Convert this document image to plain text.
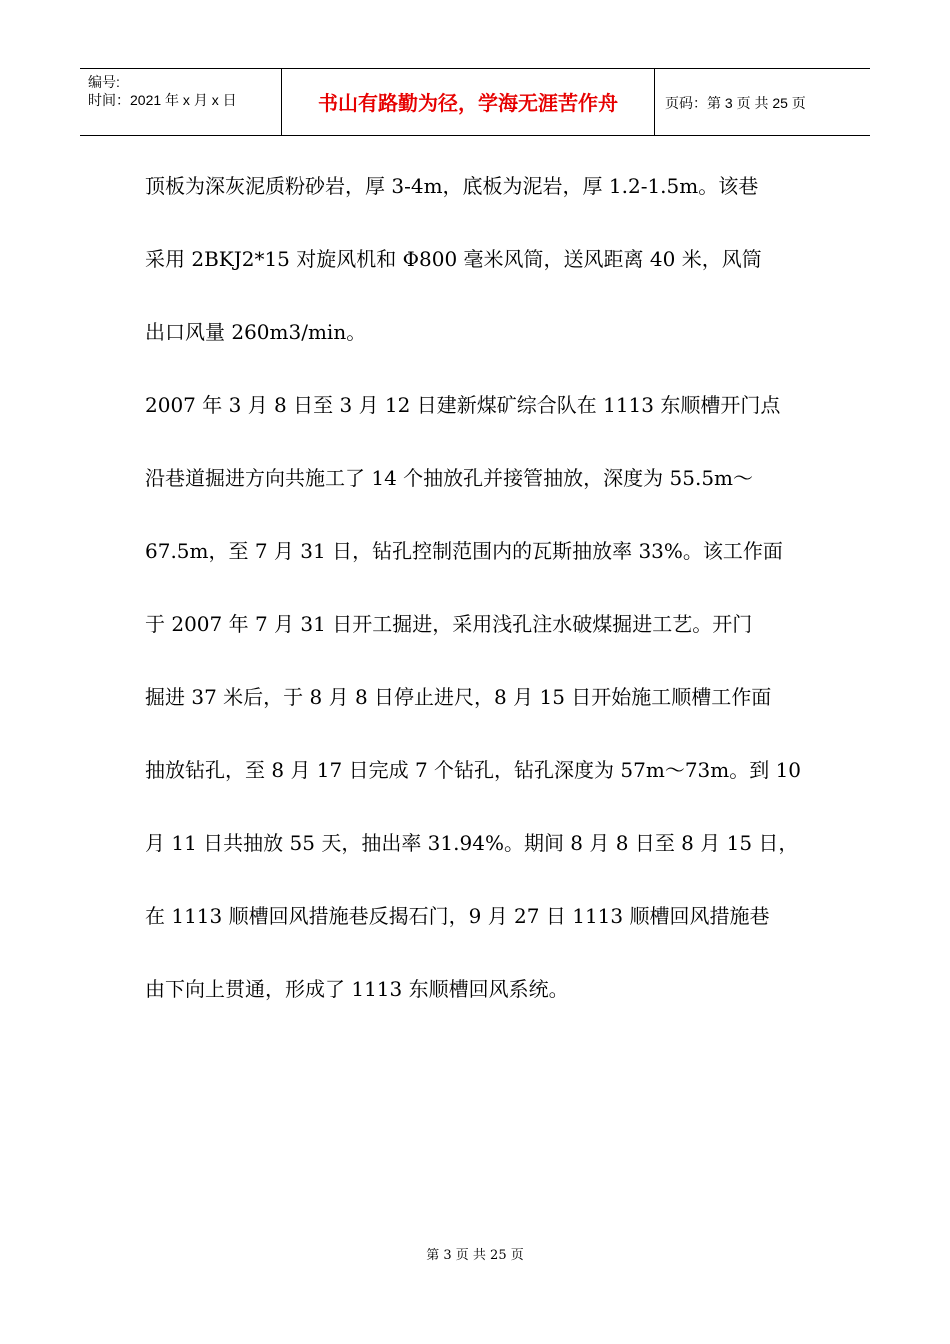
编号:
时间：2021 年 x 月 x 日	书山有路勤为径，学海无涯苦作舟	页码：第 3 页 共 25 页

顶板为深灰泥质粉砂岩，厚 3-4m，底板为泥岩，厚 1.2-1.5m。该巷

采用 2BKJ2*15 对旋风机和 Φ800 毫米风筒，送风距离 40 米，风筒

出口风量 260m3/min。

2007 年 3 月 8 日至 3 月 12 日建新煤矿综合队在 1113 东顺槽开门点

沿巷道掘进方向共施工了 14 个抽放孔并接管抽放，深度为 55.5m～

67.5m，至 7 月 31 日，钻孔控制范围内的瓦斯抽放率 33%。该工作面

于 2007 年 7 月 31 日开工掘进，采用浅孔注水破煤掘进工艺。开门

掘进 37 米后，于 8 月 8 日停止进尺，8 月 15 日开始施工顺槽工作面

抽放钻孔，至 8 月 17 日完成 7 个钻孔，钻孔深度为 57m～73m。到 10

月 11 日共抽放 55 天，抽出率 31.94%。期间 8 月 8 日至 8 月 15 日，

在 1113 顺槽回风措施巷反揭石门，9 月 27 日 1113 顺槽回风措施巷

由下向上贯通，形成了 1113 东顺槽回风系统。

第 3 页 共 25 页
